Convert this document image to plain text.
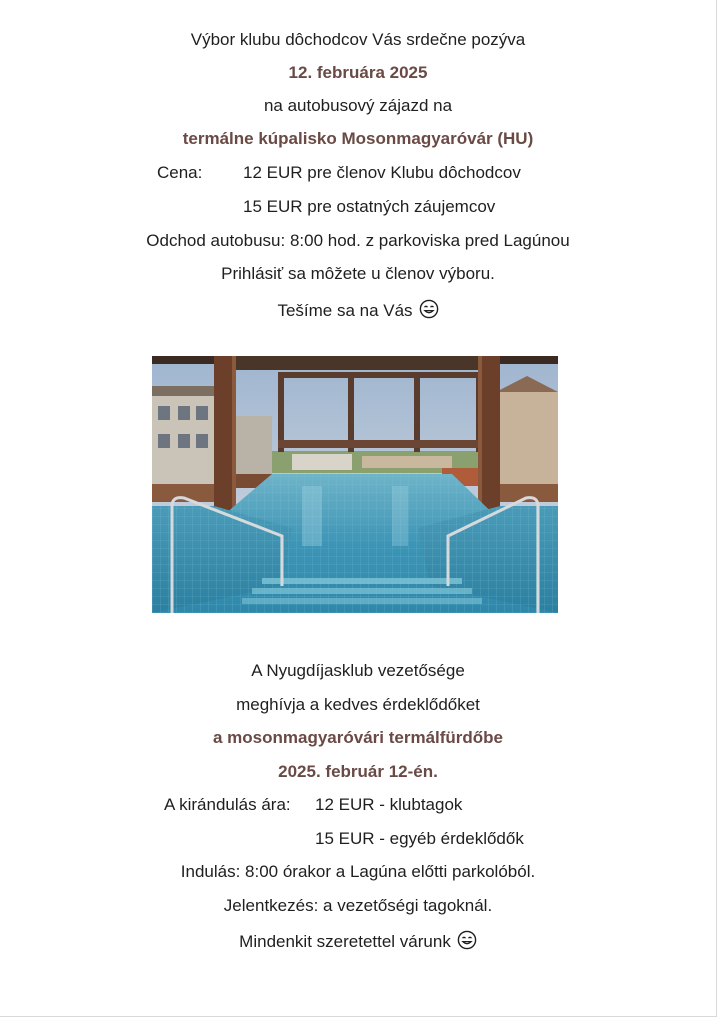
Výbor klubu dôchodcov Vás srdečne pozýva
12. februára 2025
na autobusový zájazd na
termálne kúpalisko Mosonmagyaróvár (HU)
Cena: 12 EUR pre členov Klubu dôchodcov
15 EUR pre ostatných záujemcov
Odchod autobusu: 8:00 hod. z parkoviska pred Lagúnou
Prihlásiť sa môžete u členov výboru.
Tešíme sa na Vás
A Nyugdíjasklub vezetősége
meghívja a kedves érdeklődőket
a mosonmagyaróvári termálfürdőbe
2025. február 12-én.
A kirándulás ára: 12 EUR - klubtagok
15 EUR - egyéb érdeklődők
Indulás: 8:00 órakor a Lagúna előtti parkolóból.
Jelentkezés: a vezetőségi tagoknál.
Mindenkit szeretettel várunk
